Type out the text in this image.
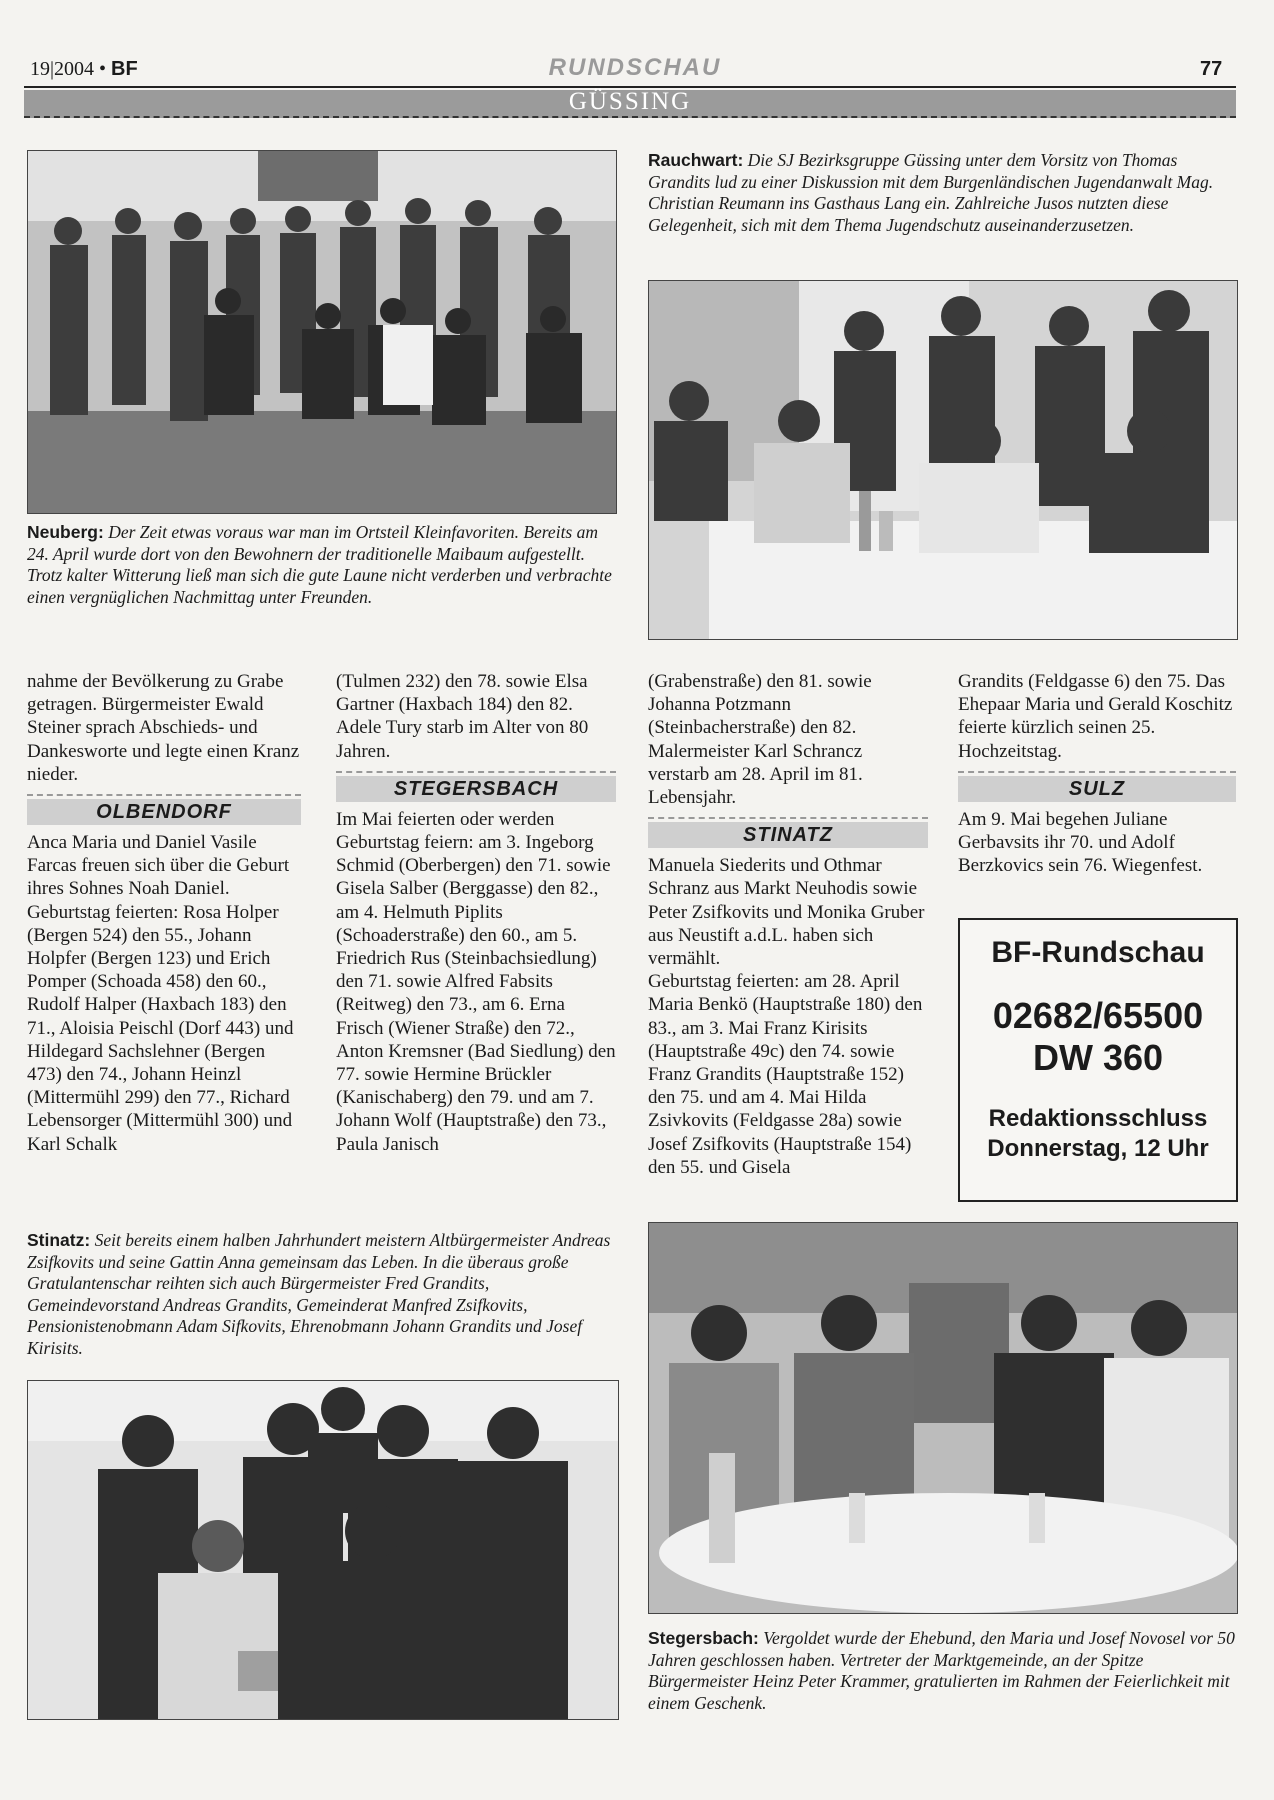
19|2004 • BF	RUNDSCHAU	77
GÜSSING
Neuberg: Der Zeit etwas voraus war man im Ortsteil Kleinfavoriten. Bereits am 24. April wurde dort von den Bewohnern der traditionelle Maibaum aufgestellt. Trotz kalter Witterung ließ man sich die gute Laune nicht verderben und verbrachte einen vergnüglichen Nachmittag unter Freunden.
Rauchwart: Die SJ Bezirksgruppe Güssing unter dem Vorsitz von Thomas Grandits lud zu einer Diskussion mit dem Burgenländischen Jugendanwalt Mag. Christian Reumann ins Gasthaus Lang ein. Zahlreiche Jusos nutzten diese Gelegenheit, sich mit dem Thema Jugendschutz auseinanderzusetzen.

nahme der Bevölkerung zu Grabe getragen. Bürgermeister Ewald Steiner sprach Abschieds- und Dankesworte und legte einen Kranz nieder.

OLBENDORF

Anca Maria und Daniel Vasile Farcas freuen sich über die Geburt ihres Sohnes Noah Daniel.

Geburtstag feierten: Rosa Holper (Bergen 524) den 55., Johann Holpfer (Bergen 123) und Erich Pomper (Schoada 458) den 60., Rudolf Halper (Haxbach 183) den 71., Aloisia Peischl (Dorf 443) und Hildegard Sachslehner (Bergen 473) den 74., Johann Heinzl (Mittermühl 299) den 77., Richard Lebensorger (Mittermühl 300) und Karl Schalk

(Tulmen 232) den 78. sowie Elsa Gartner (Haxbach 184) den 82.

Adele Tury starb im Alter von 80 Jahren.

STEGERSBACH

Im Mai feierten oder werden Geburtstag feiern: am 3. Ingeborg Schmid (Oberbergen) den 71. sowie Gisela Salber (Berggasse) den 82., am 4. Helmuth Piplits (Schoaderstraße) den 60., am 5. Friedrich Rus (Steinbachsiedlung) den 71. sowie Alfred Fabsits (Reitweg) den 73., am 6. Erna Frisch (Wiener Straße) den 72., Anton Kremsner (Bad Siedlung) den 77. sowie Hermine Brückler (Kanischaberg) den 79. und am 7. Johann Wolf (Hauptstraße) den 73., Paula Janisch

(Grabenstraße) den 81. sowie Johanna Potzmann (Steinbacherstraße) den 82. Malermeister Karl Schrancz verstarb am 28. April im 81. Lebensjahr.

STINATZ

Manuela Siederits und Othmar Schranz aus Markt Neuhodis sowie Peter Zsifkovits und Monika Gruber aus Neustift a.d.L. haben sich vermählt.

Geburtstag feierten: am 28. April Maria Benkö (Hauptstraße 180) den 83., am 3. Mai Franz Kirisits (Hauptstraße 49c) den 74. sowie Franz Grandits (Hauptstraße 152) den 75. und am 4. Mai Hilda Zsivkovits (Feldgasse 28a) sowie Josef Zsifkovits (Hauptstraße 154) den 55. und Gisela

Grandits (Feldgasse 6) den 75. Das Ehepaar Maria und Gerald Koschitz feierte kürzlich seinen 25. Hochzeitstag.

SULZ

Am 9. Mai begehen Juliane Gerbavsits ihr 70. und Adolf Berzkovics sein 76. Wiegenfest.

BF-Rundschau
02682/65500
DW 360
Redaktionsschluss
Donnerstag, 12 Uhr
Stinatz: Seit bereits einem halben Jahrhundert meistern Altbürgermeister Andreas Zsifkovits und seine Gattin Anna gemeinsam das Leben. In die überaus große Gratulantenschar reihten sich auch Bürgermeister Fred Grandits, Gemeindevorstand Andreas Grandits, Gemeinderat Manfred Zsifkovits, Pensionistenobmann Adam Sifkovits, Ehrenobmann Johann Grandits und Josef Kirisits.
Stegersbach: Vergoldet wurde der Ehebund, den Maria und Josef Novosel vor 50 Jahren geschlossen haben. Vertreter der Marktgemeinde, an der Spitze Bürgermeister Heinz Peter Krammer, gratulierten im Rahmen der Feierlichkeit mit einem Geschenk.
